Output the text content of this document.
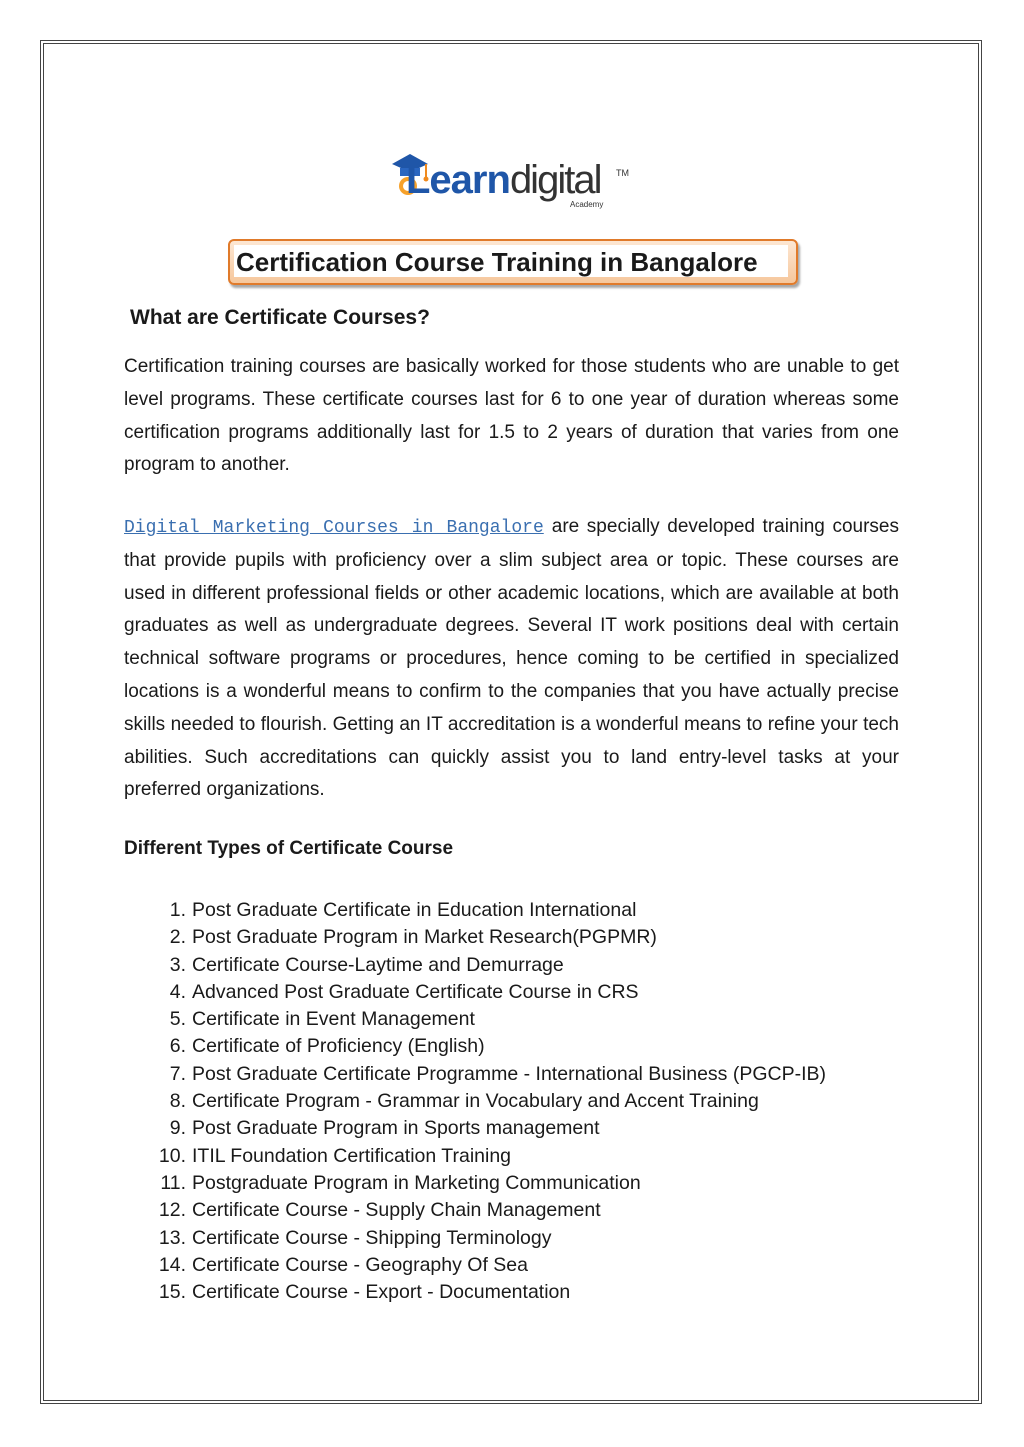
Learndigital TM
Academy
Certification Course Training in Bangalore
What are Certificate Courses?
Certification training courses are basically worked for those students who are unable to get level programs. These certificate courses last for 6 to one year of duration whereas some certification programs additionally last for 1.5 to 2 years of duration that varies from one program to another.
Digital Marketing Courses in Bangalore are specially developed training courses that provide pupils with proficiency over a slim subject area or topic. These courses are used in different professional fields or other academic locations, which are available at both graduates as well as undergraduate degrees. Several IT work positions deal with certain technical software programs or procedures, hence coming to be certified in specialized locations is a wonderful means to confirm to the companies that you have actually precise skills needed to flourish. Getting an IT accreditation is a wonderful means to refine your tech abilities. Such accreditations can quickly assist you to land entry-level tasks at your preferred organizations.
Different Types of Certificate Course
1. Post Graduate Certificate in Education International
2. Post Graduate Program in Market Research(PGPMR)
3. Certificate Course-Laytime and Demurrage
4. Advanced Post Graduate Certificate Course in CRS
5. Certificate in Event Management
6. Certificate of Proficiency (English)
7. Post Graduate Certificate Programme - International Business (PGCP-IB)
8. Certificate Program - Grammar in Vocabulary and Accent Training
9. Post Graduate Program in Sports management
10. ITIL Foundation Certification Training
11. Postgraduate Program in Marketing Communication
12. Certificate Course - Supply Chain Management
13. Certificate Course - Shipping Terminology
14. Certificate Course - Geography Of Sea
15. Certificate Course - Export - Documentation
